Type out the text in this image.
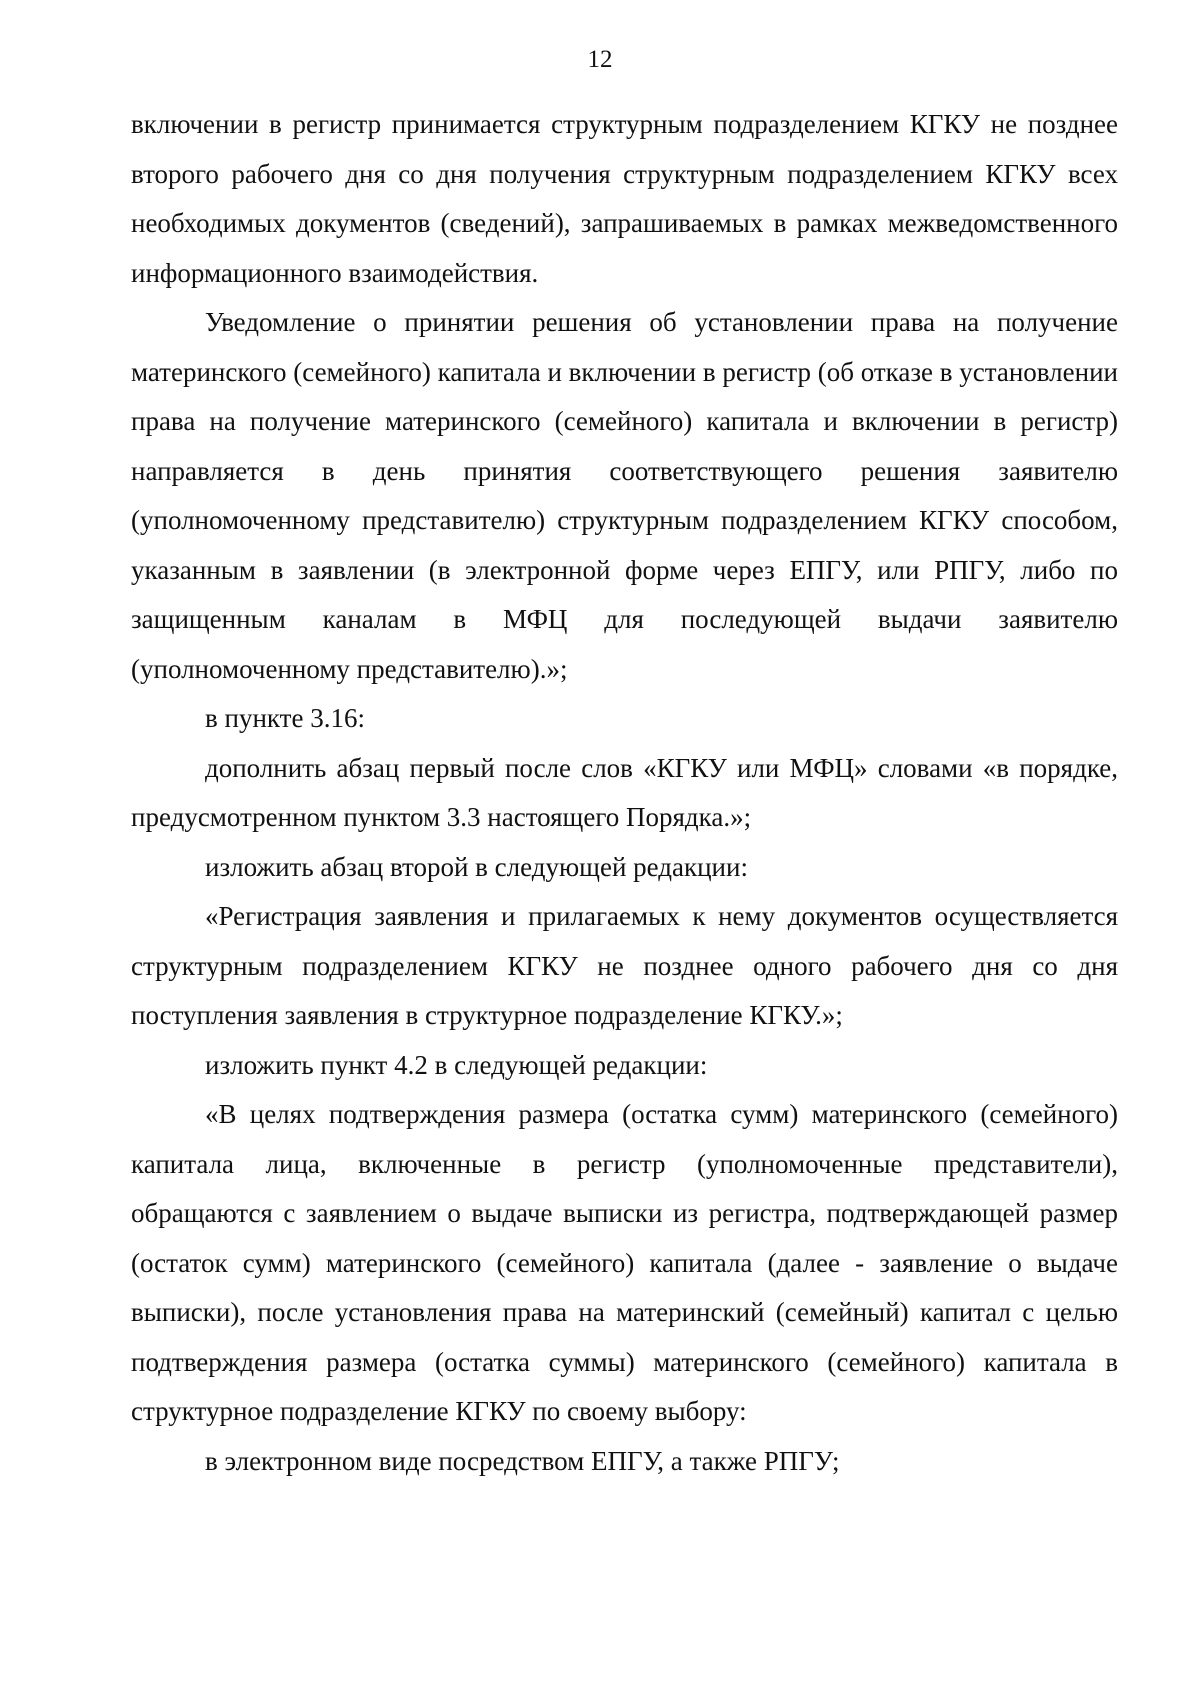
12

включении в регистр принимается структурным подразделением КГКУ не позднее второго рабочего дня со дня получения структурным подразделением КГКУ всех необходимых документов (сведений), запрашиваемых в рамках межведомственного информационного взаимодействия.

Уведомление о принятии решения об установлении права на получение материнского (семейного) капитала и включении в регистр (об отказе в установлении права на получение материнского (семейного) капитала и включении в регистр) направляется в день принятия соответствующего решения заявителю (уполномоченному представителю) структурным подразделением КГКУ способом, указанным в заявлении (в электронной форме через ЕПГУ, или РПГУ, либо по защищенным каналам в МФЦ для последующей выдачи заявителю (уполномоченному представителю).»;

в пункте 3.16:

дополнить абзац первый после слов «КГКУ или МФЦ» словами «в порядке, предусмотренном пунктом 3.3 настоящего Порядка.»;

изложить абзац второй в следующей редакции:

«Регистрация заявления и прилагаемых к нему документов осуществляется структурным подразделением КГКУ не позднее одного рабочего дня со дня поступления заявления в структурное подразделение КГКУ.»;

изложить пункт 4.2 в следующей редакции:

«В целях подтверждения размера (остатка сумм) материнского (семейного) капитала лица, включенные в регистр (уполномоченные представители), обращаются с заявлением о выдаче выписки из регистра, подтверждающей размер (остаток сумм) материнского (семейного) капитала (далее - заявление о выдаче выписки), после установления права на материнский (семейный) капитал с целью подтверждения размера (остатка суммы) материнского (семейного) капитала в структурное подразделение КГКУ по своему выбору:

в электронном виде посредством ЕПГУ, а также РПГУ;
